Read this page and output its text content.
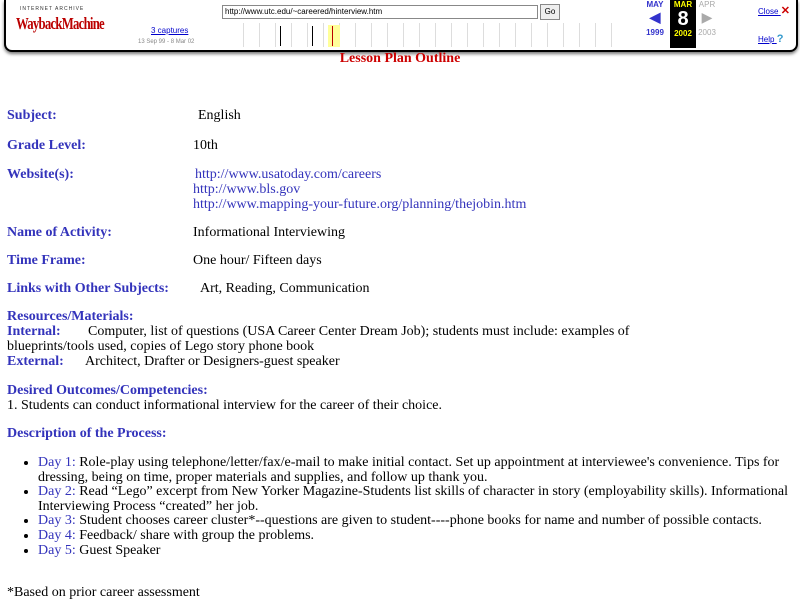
INTERNET ARCHIVE
WaybackMachine	3 captures
13 Sep 99 - 8 Mar 02
http://www.utc.edu/~careered/hinterview.htm	Go
MAY
◀
1999
MAR
8
2002
APR
▶
2003
Close ✕
Help ?
Lesson Plan Outline
Subject:	English
Grade Level:	10th
Website(s):	http://www.usatoday.com/careers
http://www.bls.gov
http://www.mapping-your-future.org/planning/thejobin.htm
Name of Activity:	Informational Interviewing
Time Frame:	One hour/ Fifteen days
Links with Other Subjects: Art, Reading, Communication
Resources/Materials:
Internal: Computer, list of questions (USA Career Center Dream Job); students must include: examples of
blueprints/tools used, copies of Lego story phone book
External: Architect, Drafter or Designers-guest speaker
Desired Outcomes/Competencies:
1. Students can conduct informational interview for the career of their choice.
Description of the Process:
• Day 1: Role-play using telephone/letter/fax/e-mail to make initial contact. Set up appointment at interviewee's convenience. Tips for dressing, being on time, proper materials and supplies, and follow up thank you.
• Day 2: Read “Lego” excerpt from New Yorker Magazine-Students list skills of character in story (employability skills). Informational Interviewing Process “created” her job.
• Day 3: Student chooses career cluster*--questions are given to student----phone books for name and number of possible contacts.
• Day 4: Feedback/ share with group the problems.
• Day 5: Guest Speaker
*Based on prior career assessment
